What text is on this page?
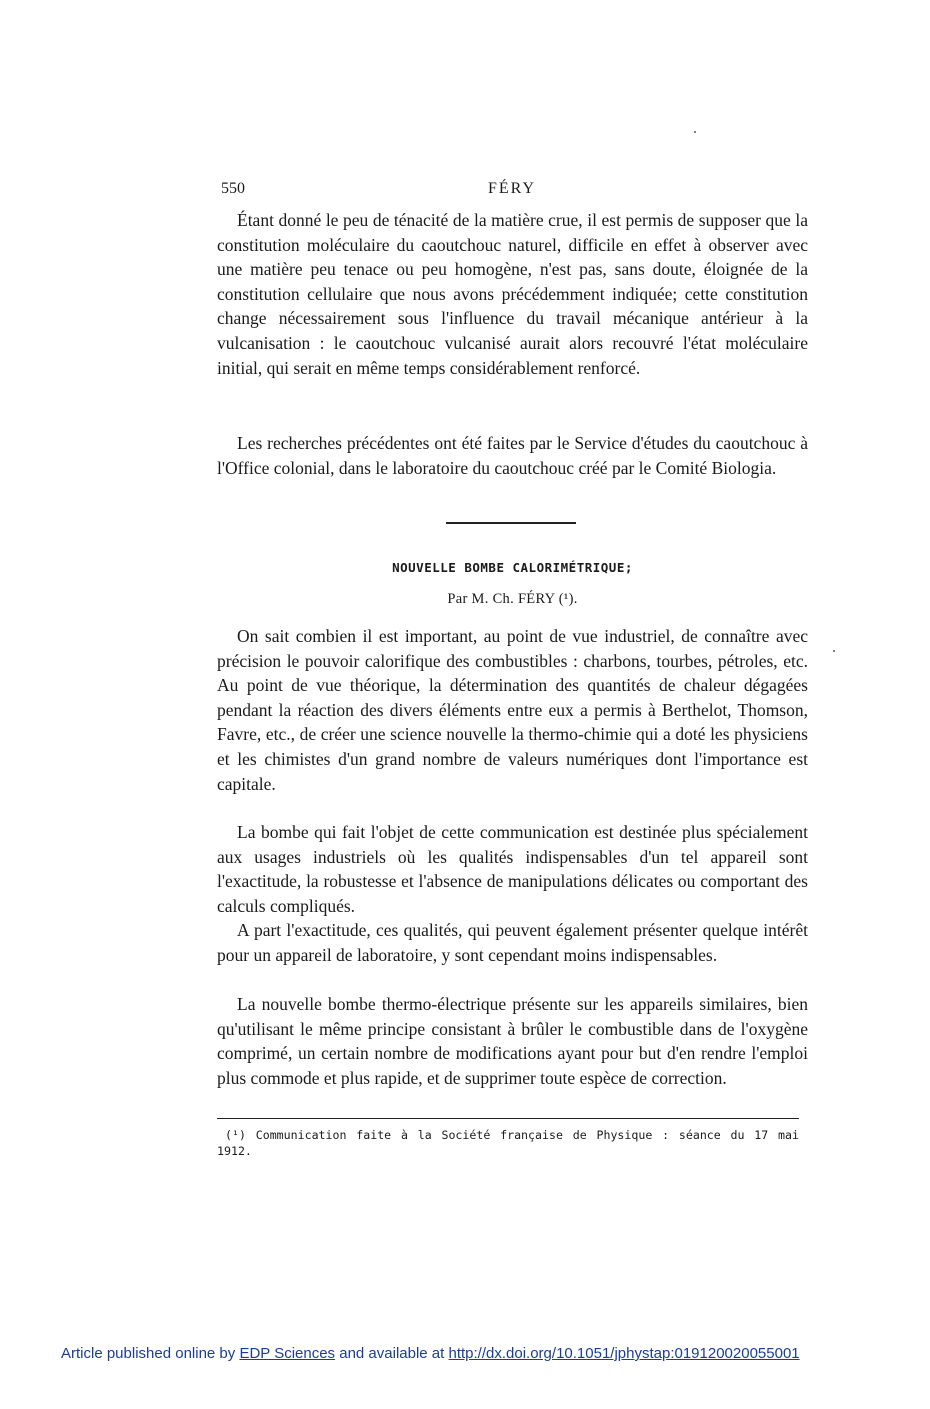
550	FÉRY

Étant donné le peu de ténacité de la matière crue, il est permis de supposer que la constitution moléculaire du caoutchouc naturel, difficile en effet à observer avec une matière peu tenace ou peu homogène, n'est pas, sans doute, éloignée de la constitution cellulaire que nous avons précédemment indiquée; cette constitution change nécessairement sous l'influence du travail mécanique antérieur à la vulcanisation : le caoutchouc vulcanisé aurait alors recouvré l'état moléculaire initial, qui serait en même temps considérablement renforcé.

Les recherches précédentes ont été faites par le Service d'études du caoutchouc à l'Office colonial, dans le laboratoire du caoutchouc créé par le Comité Biologia.

NOUVELLE BOMBE CALORIMÉTRIQUE;
Par M. Ch. FÉRY (¹).

On sait combien il est important, au point de vue industriel, de connaître avec précision le pouvoir calorifique des combustibles : charbons, tourbes, pétroles, etc. Au point de vue théorique, la détermination des quantités de chaleur dégagées pendant la réaction des divers éléments entre eux a permis à Berthelot, Thomson, Favre, etc., de créer une science nouvelle la thermo-chimie qui a doté les physiciens et les chimistes d'un grand nombre de valeurs numériques dont l'importance est capitale.

La bombe qui fait l'objet de cette communication est destinée plus spécialement aux usages industriels où les qualités indispensables d'un tel appareil sont l'exactitude, la robustesse et l'absence de manipulations délicates ou comportant des calculs compliqués.

A part l'exactitude, ces qualités, qui peuvent également présenter quelque intérêt pour un appareil de laboratoire, y sont cependant moins indispensables.

La nouvelle bombe thermo-électrique présente sur les appareils similaires, bien qu'utilisant le même principe consistant à brûler le combustible dans de l'oxygène comprimé, un certain nombre de modifications ayant pour but d'en rendre l'emploi plus commode et plus rapide, et de supprimer toute espèce de correction.

(¹) Communication faite à la Société française de Physique : séance du 17 mai 1912.

Article published online by EDP Sciences and available at http://dx.doi.org/10.1051/jphystap:019120020055001
